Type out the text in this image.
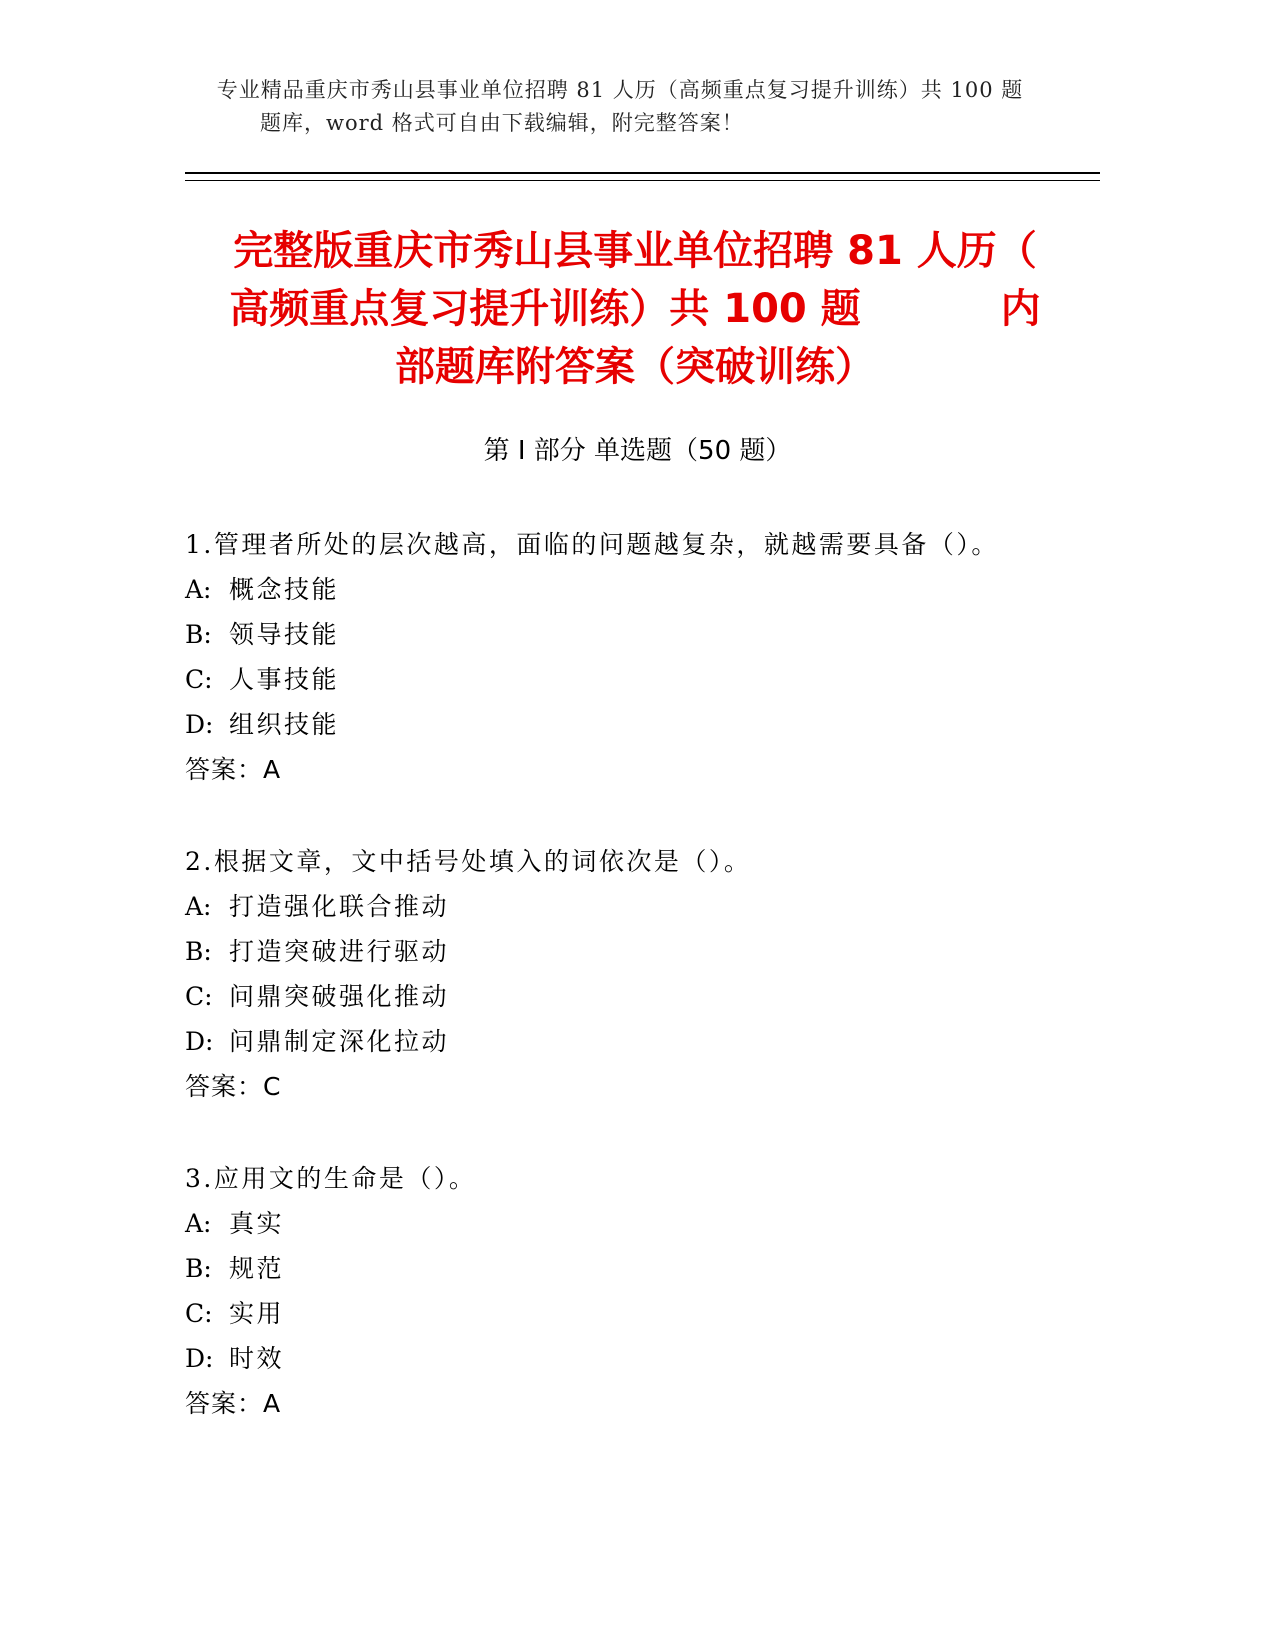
专业精品重庆市秀山县事业单位招聘 81 人历（高频重点复习提升训练）共 100 题
题库，word 格式可自由下载编辑，附完整答案！
完整版重庆市秀山县事业单位招聘 81 人历（
高频重点复习提升训练）共 100 题	内
部题库附答案（突破训练）
第 I 部分 单选题（50 题）
1.管理者所处的层次越高，面临的问题越复杂，就越需要具备（）。
A: 概念技能
B: 领导技能
C: 人事技能
D: 组织技能
答案：A
2.根据文章，文中括号处填入的词依次是（）。
A: 打造强化联合推动
B: 打造突破进行驱动
C: 问鼎突破强化推动
D: 问鼎制定深化拉动
答案：C
3.应用文的生命是（）。
A: 真实
B: 规范
C: 实用
D: 时效
答案：A
